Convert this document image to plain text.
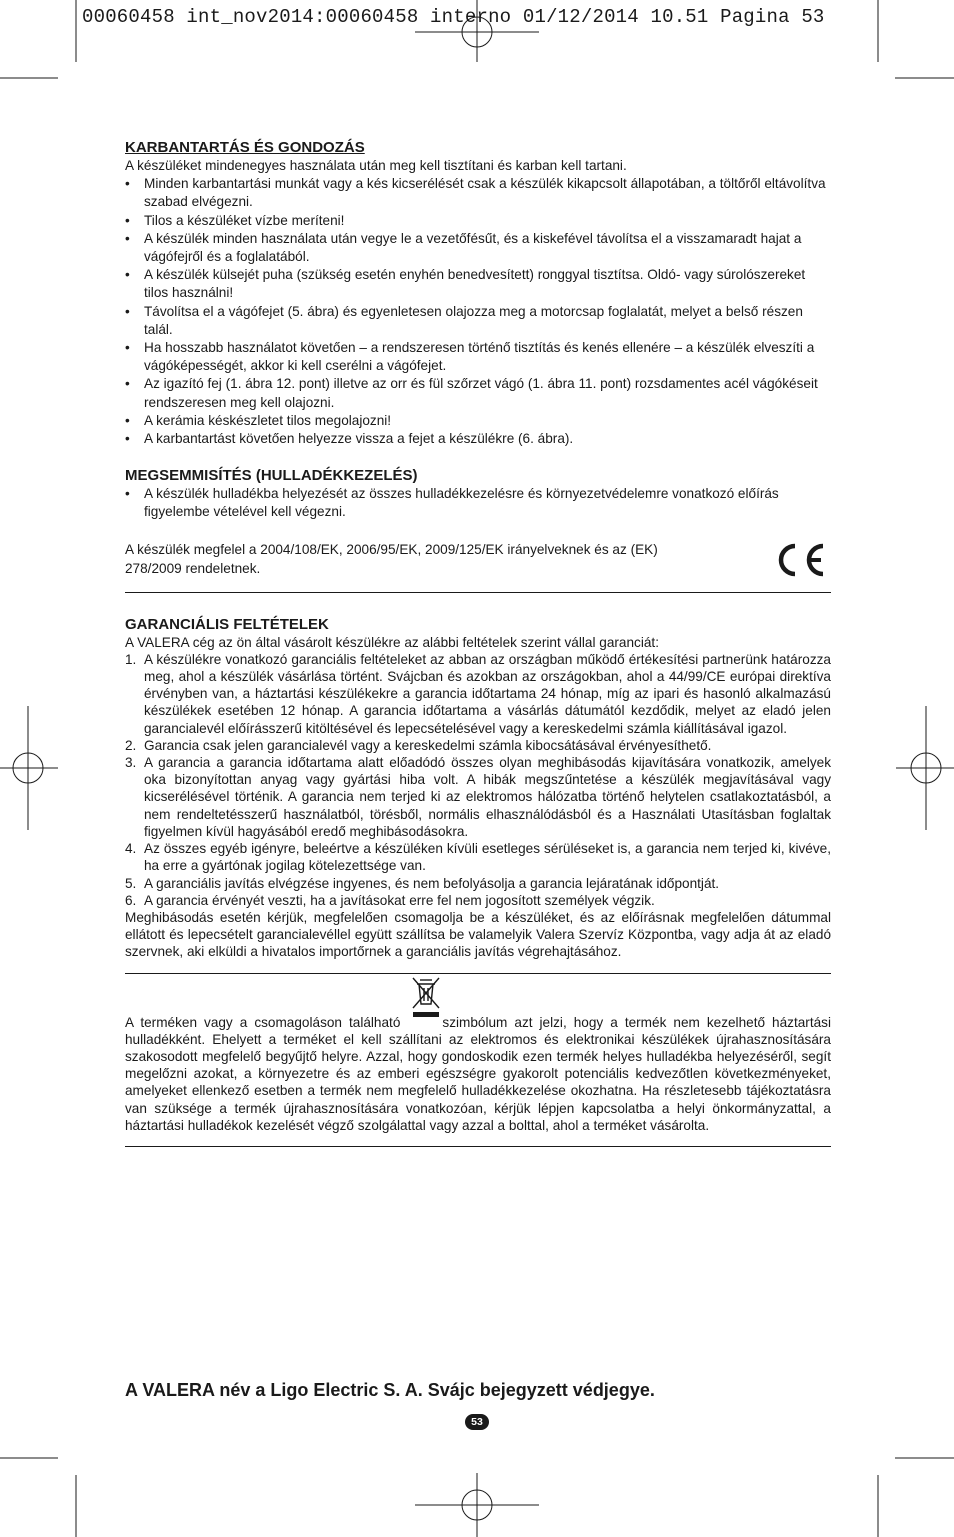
00060458 int_nov2014:00060458 interno 01/12/2014 10.51 Pagina 53
KARBANTARTÁS ÉS GONDOZÁS

A készüléket mindenegyes használata után meg kell tisztítani és karban kell tartani.

• Minden karbantartási munkát vagy a kés kicserélését csak a készülék kikapcsolt állapotában, a töltőről eltávolítva szabad elvégezni.
• Tilos a készüléket vízbe meríteni!
• A készülék minden használata után vegye le a vezetőfésűt, és a kiskefével távolítsa el a visszamaradt hajat a vágófejről és a foglalatából.
• A készülék külsejét puha (szükség esetén enyhén benedvesített) ronggyal tisztítsa. Oldó- vagy súrolószereket tilos használni!
• Távolítsa el a vágófejet (5. ábra) és egyenletesen olajozza meg a motorcsap foglalatát, melyet a belső részen talál.
• Ha hosszabb használatot követően – a rendszeresen történő tisztítás és kenés ellenére – a készülék elveszíti a vágóképességét, akkor ki kell cserélni a vágófejet.
• Az igazító fej (1. ábra 12. pont) illetve az orr és fül szőrzet vágó (1. ábra 11. pont) rozsdamentes acél vágókéseit rendszeresen meg kell olajozni.
• A kerámia késkészletet tilos megolajozni!
• A karbantartást követően helyezze vissza a fejet a készülékre (6. ábra).
MEGSEMMISÍTÉS (HULLADÉKKEZELÉS)
• A készülék hulladékba helyezését az összes hulladékkezelésre és környezetvédelemre vonatkozó előírás figyelembe vételével kell végezni.

A készülék megfelel a 2004/108/EK, 2006/95/EK, 2009/125/EK irányelveknek és az (EK) 278/2009 rendeletnek.

GARANCIÁLIS FELTÉTELEK

A VALERA cég az ön által vásárolt készülékre az alábbi feltételek szerint vállal garanciát:

1. A készülékre vonatkozó garanciális feltételeket az abban az országban működő értékesítési partnerünk határozza meg, ahol a készülék vásárlása történt. Svájcban és azokban az országokban, ahol a 44/99/CE európai direktíva érvényben van, a háztartási készülékekre a garancia időtartama 24 hónap, míg az ipari és hasonló alkalmazású készülékek esetében 12 hónap. A garancia időtartama a vásárlás dátumától kezdődik, melyet az eladó jelen garancialevél előírásszerű kitöltésével és lepecsételésével vagy a kereskedelmi számla kiállításával igazol.
2. Garancia csak jelen garancialevél vagy a kereskedelmi számla kibocsátásával érvényesíthető.
3. A garancia a garancia időtartama alatt előadódó összes olyan meghibásodás kijavítására vonatkozik, amelyek oka bizonyítottan anyag vagy gyártási hiba volt. A hibák megszűntetése a készülék megjavításával vagy kicserélésével történik. A garancia nem terjed ki az elektromos hálózatba történő helytelen csatlakoztatásból, a nem rendeltetésszerű használatból, törésből, normális elhasználódásból és a Használati Utasításban foglaltak figyelmen kívül hagyásából eredő meghibásodásokra.
4. Az összes egyéb igényre, beleértve a készüléken kívüli esetleges sérüléseket is, a garancia nem terjed ki, kivéve, ha erre a gyártónak jogilag kötelezettsége van.
5. A garanciális javítás elvégzése ingyenes, és nem befolyásolja a garancia lejáratának időpontját.
6. A garancia érvényét veszti, ha a javításokat erre fel nem jogosított személyek végzik.

Meghibásodás esetén kérjük, megfelelően csomagolja be a készüléket, és az előírásnak megfelelően dátummal ellátott és lepecsételt garancialevéllel együtt szállítsa be valamelyik Valera Szervíz Központba, vagy adja át az eladó szervnek, aki elküldi a hivatalos importőrnek a garanciális javítás végrehajtásához.

A terméken vagy a csomagoláson található	szimbólum azt jelzi, hogy a termék nem kezelhető háztartási hulladékként. Ehelyett a terméket el kell szállítani az elektromos és elektronikai készülékek újrahasznosítására szakosodott megfelelő begyűjtő helyre. Azzal, hogy gondoskodik ezen termék helyes hulladékba helyezéséről, segít megelőzni azokat, a környezetre és az emberi egészségre gyakorolt potenciális kedvezőtlen következményeket, amelyeket ellenkező esetben a termék nem megfelelő hulladékkezelése okozhatna. Ha részletesebb tájékoztatásra van szüksége a termék újrahasznosítására vonatkozóan, kérjük lépjen kapcsolatba a helyi önkormányzattal, a háztartási hulladékok kezelését végző szolgálattal vagy azzal a bolttal, ahol a terméket vásárolta.
A VALERA név a Ligo Electric S. A. Svájc bejegyzett védjegye.
53
